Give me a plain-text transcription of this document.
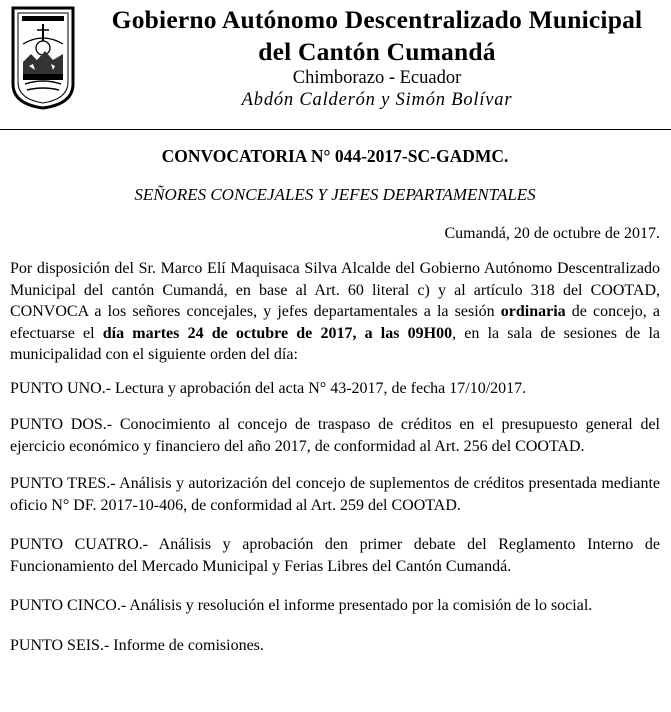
Gobierno Autónomo Descentralizado Municipal
del Cantón Cumandá
Chimborazo - Ecuador
Abdón Calderón y Simón Bolívar

CONVOCATORIA N° 044-2017-SC-GADMC.

SEÑORES CONCEJALES Y JEFES DEPARTAMENTALES

Cumandá, 20 de octubre de 2017.

Por disposición del Sr. Marco Elí Maquisaca Silva Alcalde del Gobierno Autónomo Descentralizado Municipal del cantón Cumandá, en base al Art. 60 literal c) y al artículo 318 del COOTAD, CONVOCA a los señores concejales, y jefes departamentales a la sesión ordinaria de concejo, a efectuarse el día martes 24 de octubre de 2017, a las 09H00, en la sala de sesiones de la municipalidad con el siguiente orden del día:

PUNTO UNO.- Lectura y aprobación del acta N° 43-2017, de fecha 17/10/2017.

PUNTO DOS.- Conocimiento al concejo de traspaso de créditos en el presupuesto general del ejercicio económico y financiero del año 2017, de conformidad al Art. 256 del COOTAD.

PUNTO TRES.- Análisis y autorización del concejo de suplementos de créditos presentada mediante oficio N° DF. 2017-10-406, de conformidad al Art. 259 del COOTAD.

PUNTO CUATRO.- Análisis y aprobación den primer debate del Reglamento Interno de Funcionamiento del Mercado Municipal y Ferias Libres del Cantón Cumandá.

PUNTO CINCO.- Análisis y resolución el informe presentado por la comisión de lo social.

PUNTO SEIS.- Informe de comisiones.
